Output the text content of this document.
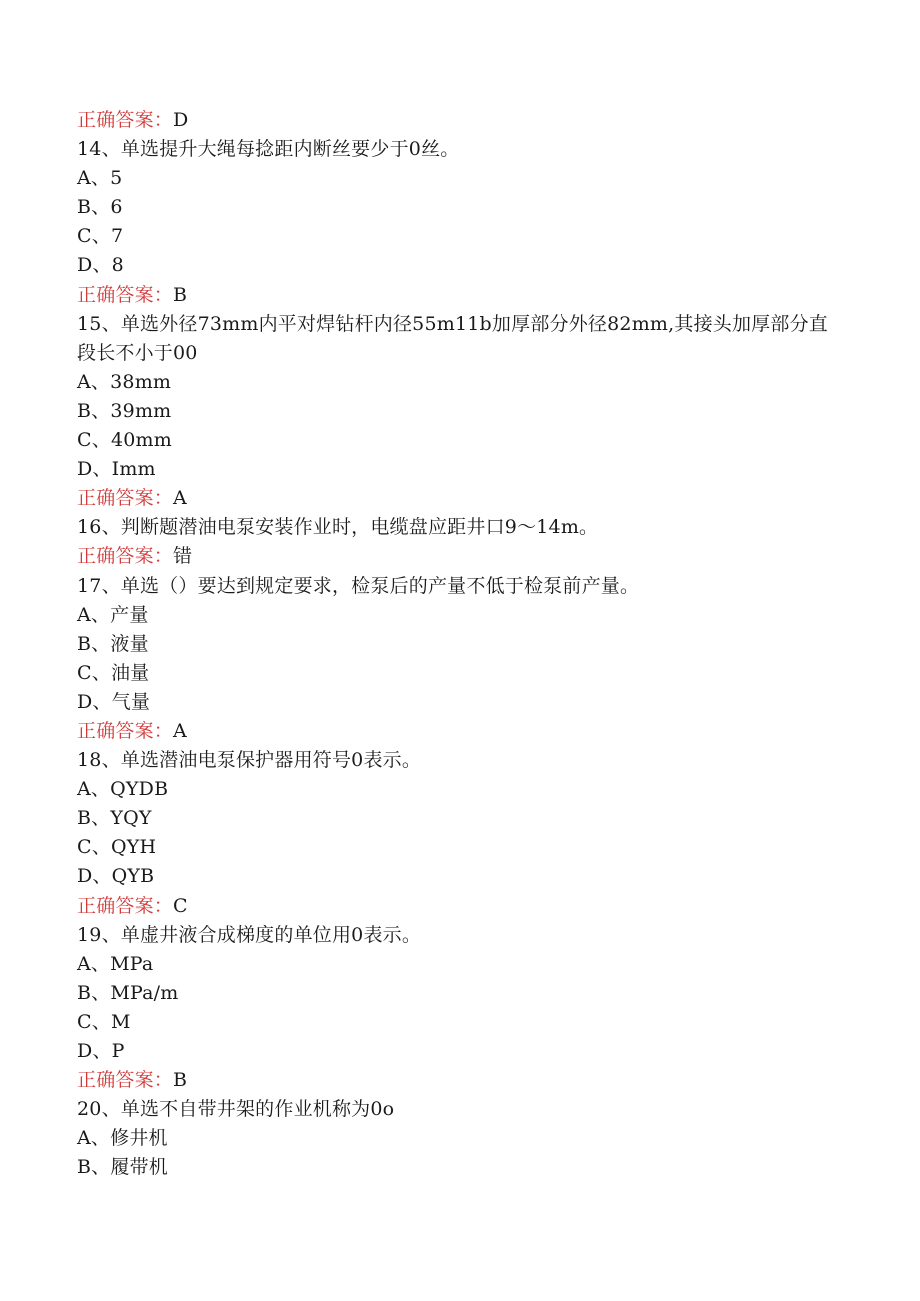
正确答案：D
14、单选提升大绳每捻距内断丝要少于0丝。
A、5
B、6
C、7
D、8
正确答案：B
15、单选外径73mm内平对焊钻杆内径55m11b加厚部分外径82mm,其接头加厚部分直段长不小于00
A、38mm
B、39mm
C、40mm
D、Imm
正确答案：A
16、判断题潜油电泵安装作业时，电缆盘应距井口9～14m。
正确答案：错
17、单选（）要达到规定要求，检泵后的产量不低于检泵前产量。
A、产量
B、液量
C、油量
D、气量
正确答案：A
18、单选潜油电泵保护器用符号0表示。
A、QYDB
B、YQY
C、QYH
D、QYB
正确答案：C
19、单虚井液合成梯度的单位用0表示。
A、MPa
B、MPa/m
C、M
D、P
正确答案：B
20、单选不自带井架的作业机称为0o
A、修井机
B、履带机
